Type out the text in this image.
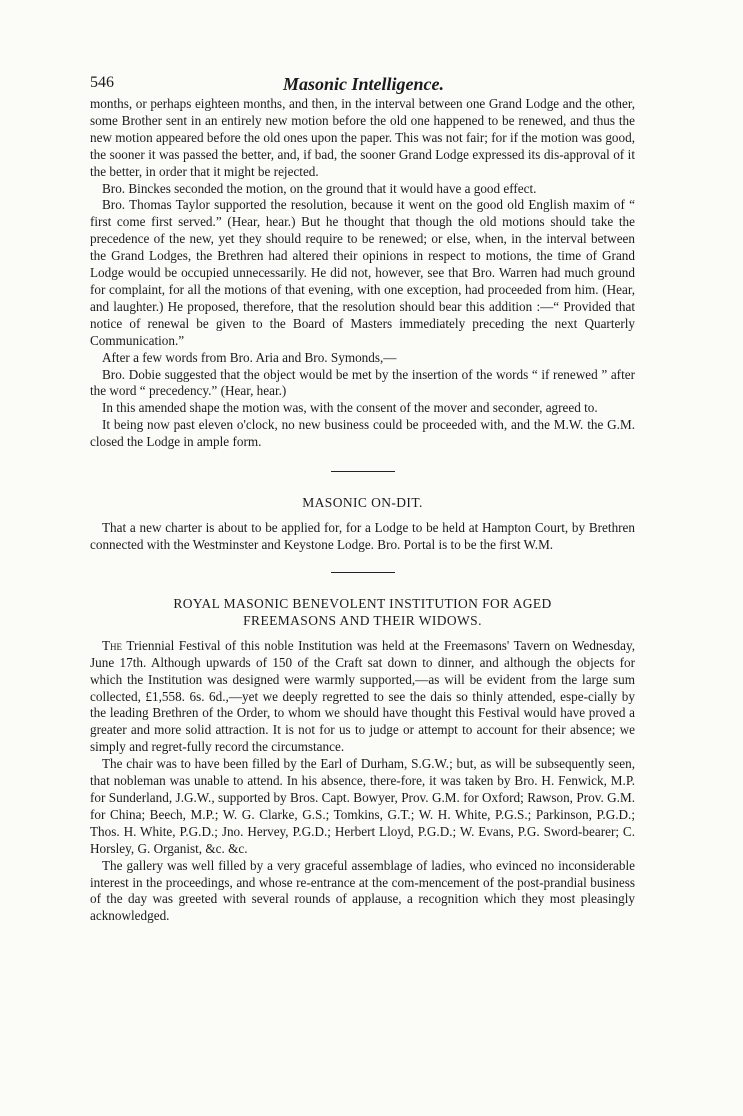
546	Masonic Intelligence.

months, or perhaps eighteen months, and then, in the interval between one Grand Lodge and the other, some Brother sent in an entirely new motion before the old one happened to be renewed, and thus the new motion appeared before the old ones upon the paper. This was not fair; for if the motion was good, the sooner it was passed the better, and, if bad, the sooner Grand Lodge expressed its dis-approval of it the better, in order that it might be rejected.

Bro. Binckes seconded the motion, on the ground that it would have a good effect.

Bro. Thomas Taylor supported the resolution, because it went on the good old English maxim of “ first come first served.” (Hear, hear.) But he thought that though the old motions should take the precedence of the new, yet they should require to be renewed; or else, when, in the interval between the Grand Lodges, the Brethren had altered their opinions in respect to motions, the time of Grand Lodge would be occupied unnecessarily. He did not, however, see that Bro. Warren had much ground for complaint, for all the motions of that evening, with one exception, had proceeded from him. (Hear, and laughter.) He proposed, therefore, that the resolution should bear this addition :—“ Provided that notice of renewal be given to the Board of Masters immediately preceding the next Quarterly Communication.”

After a few words from Bro. Aria and Bro. Symonds,—

Bro. Dobie suggested that the object would be met by the insertion of the words “ if renewed ” after the word “ precedency.” (Hear, hear.)

In this amended shape the motion was, with the consent of the mover and seconder, agreed to.

It being now past eleven o'clock, no new business could be proceeded with, and the M.W. the G.M. closed the Lodge in ample form.

MASONIC ON-DIT.

That a new charter is about to be applied for, for a Lodge to be held at Hampton Court, by Brethren connected with the Westminster and Keystone Lodge. Bro. Portal is to be the first W.M.

ROYAL MASONIC BENEVOLENT INSTITUTION FOR AGED
FREEMASONS AND THEIR WIDOWS.

The Triennial Festival of this noble Institution was held at the Freemasons' Tavern on Wednesday, June 17th. Although upwards of 150 of the Craft sat down to dinner, and although the objects for which the Institution was designed were warmly supported,—as will be evident from the large sum collected, £1,558. 6s. 6d.,—yet we deeply regretted to see the dais so thinly attended, espe-cially by the leading Brethren of the Order, to whom we should have thought this Festival would have proved a greater and more solid attraction. It is not for us to judge or attempt to account for their absence; we simply and regret-fully record the circumstance.

The chair was to have been filled by the Earl of Durham, S.G.W.; but, as will be subsequently seen, that nobleman was unable to attend. In his absence, there-fore, it was taken by Bro. H. Fenwick, M.P. for Sunderland, J.G.W., supported by Bros. Capt. Bowyer, Prov. G.M. for Oxford; Rawson, Prov. G.M. for China; Beech, M.P.; W. G. Clarke, G.S.; Tomkins, G.T.; W. H. White, P.G.S.; Parkinson, P.G.D.; Thos. H. White, P.G.D.; Jno. Hervey, P.G.D.; Herbert Lloyd, P.G.D.; W. Evans, P.G. Sword-bearer; C. Horsley, G. Organist, &c. &c.

The gallery was well filled by a very graceful assemblage of ladies, who evinced no inconsiderable interest in the proceedings, and whose re-entrance at the com-mencement of the post-prandial business of the day was greeted with several rounds of applause, a recognition which they most pleasingly acknowledged.
